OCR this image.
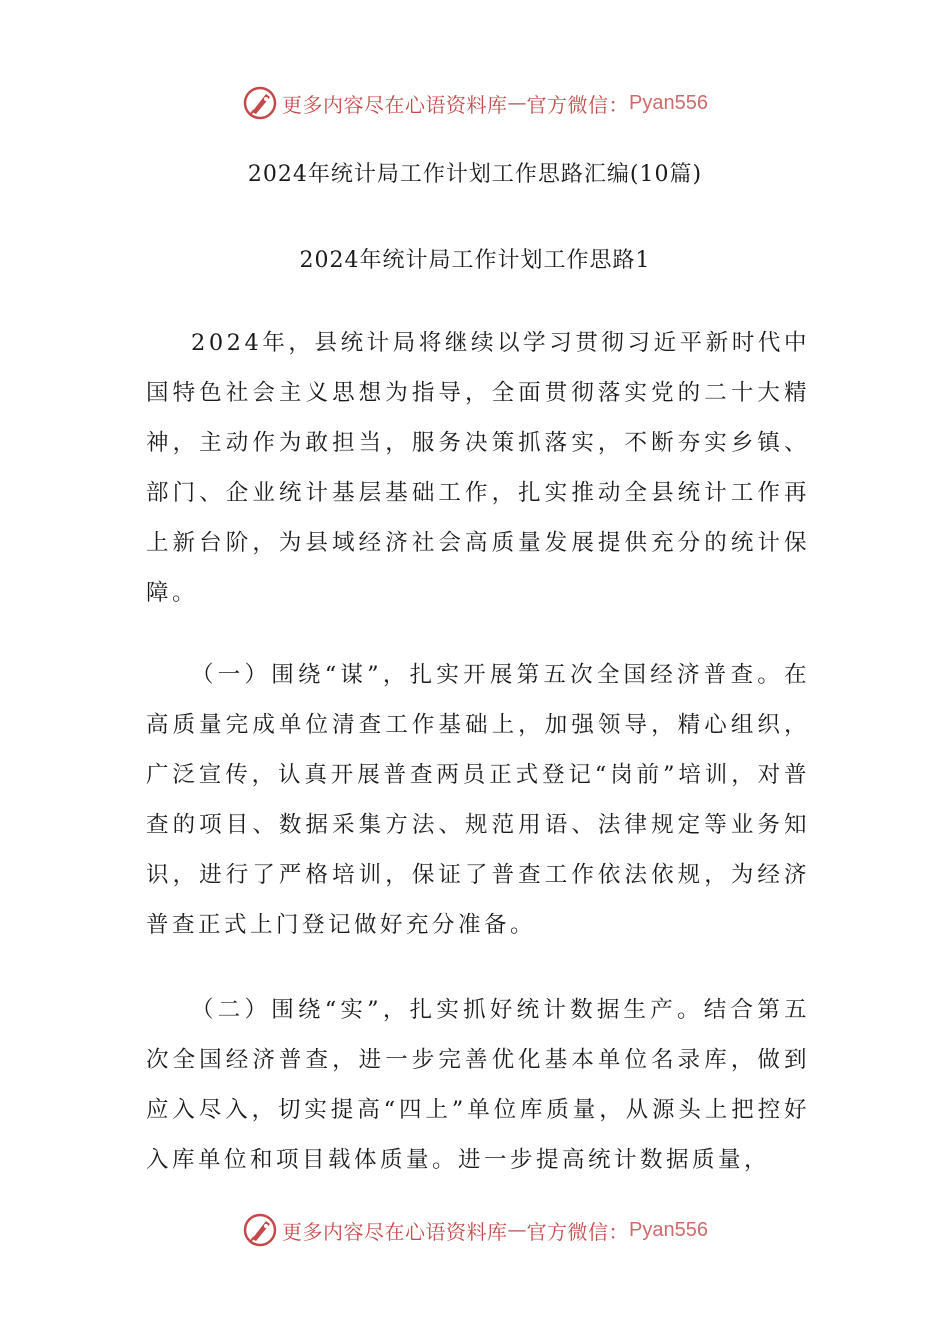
更多内容尽在心语资料库 — 官方微信： Pyan556
2024年统计局工作计划工作思路汇编(10篇)
2024年统计局工作计划工作思路1

2024年，县统计局将继续以学习贯彻习近平新时代中国特色社会主义思想为指导，全面贯彻落实党的二十大精神，主动作为敢担当，服务决策抓落实，不断夯实乡镇、部门、企业统计基层基础工作，扎实推动全县统计工作再上新台阶，为县域经济社会高质量发展提供充分的统计保障。

（一）围绕“谋”，扎实开展第五次全国经济普查。在高质量完成单位清查工作基础上，加强领导，精心组织，广泛宣传，认真开展普查两员正式登记“岗前”培训，对普查的项目、数据采集方法、规范用语、法律规定等业务知识，进行了严格培训，保证了普查工作依法依规，为经济普查正式上门登记做好充分准备。

（二）围绕“实”，扎实抓好统计数据生产。结合第五次全国经济普查，进一步完善优化基本单位名录库，做到应入尽入，切实提高“四上”单位库质量，从源头上把控好入库单位和项目载体质量。进一步提高统计数据质量，

更多内容尽在心语资料库 — 官方微信： Pyan556
